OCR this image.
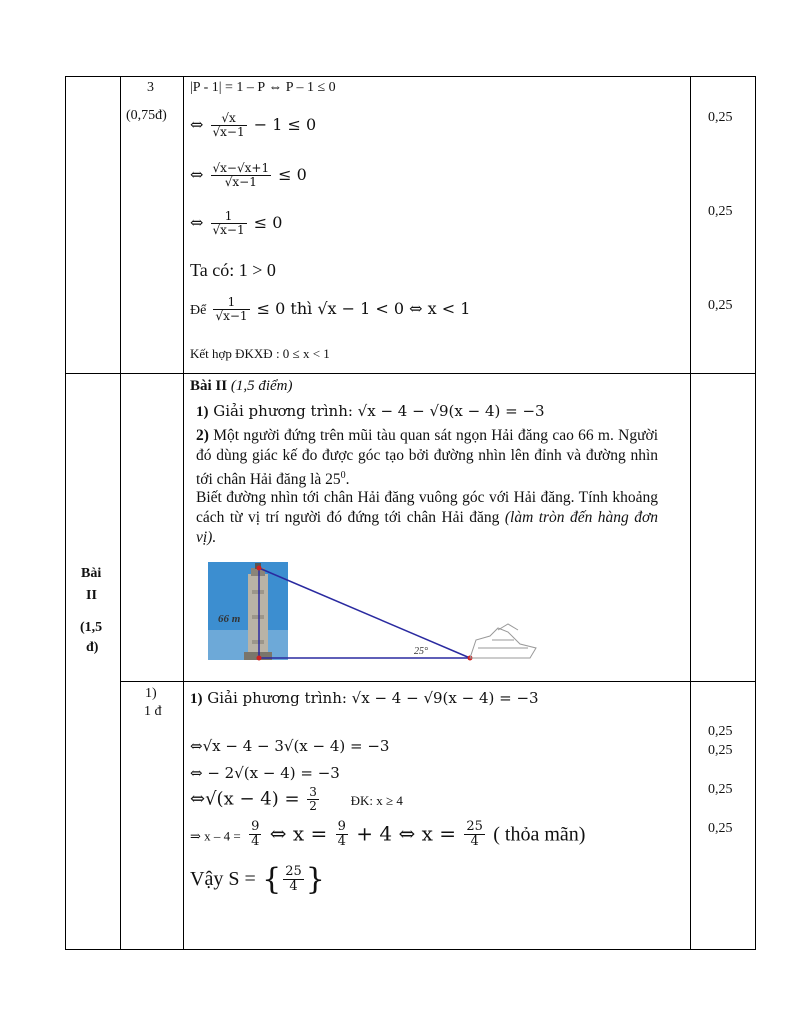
3
(0,75đ)
|P - 1| = 1 – P ⇔ P – 1 ≤ 0
⇔ $\frac{√x}{√x-1} - 1 \le 0$
⇔ $\frac{√x-√x+1}{√x-1} \le 0$
⇔ $\frac{1}{√x-1} \le 0$
Ta có: 1 > 0
Để $\frac{1}{√x-1} \le 0$ thì √x − 1 < 0 ⇔ x < 1
Kết hợp ĐKXĐ : 0 ≤ x < 1
0,25
0,25
0,25
Bài
II
(1,5
đ)
Bài II (1,5 điểm)
1) Giải phương trình: √x − 4 − √9(x − 4) = −3
2) Một người đứng trên mũi tàu quan sát ngọn Hải đăng cao 66 m. Người đó dùng giác kế đo được góc tạo bởi đường nhìn lên đỉnh và đường nhìn tới chân Hải đăng là $25^0$.
Biết đường nhìn tới chân Hải đăng vuông góc với Hải đăng. Tính khoảng cách từ vị trí người đó đứng tới chân Hải đăng (làm tròn đến hàng đơn vị).
66 m
25°
1)
1 đ
1) Giải phương trình: √x − 4 − √9(x − 4) = −3
⇔√x − 4 − 3√(x − 4) = −3
⇔ − 2√(x − 4) = −3
⇔√(x − $4) = \frac{3}{2}$ ĐK: x ≥ 4
⇒ $x - 4 = \frac{9}{4}$ ⇔ $x = \frac{9}{4} + 4$ ⇔ $x = \frac{25}{4}$ ( thỏa mãn)
Vậy S = { $\frac{25}{4}$ }
0,25
0,25
0,25
0,25
